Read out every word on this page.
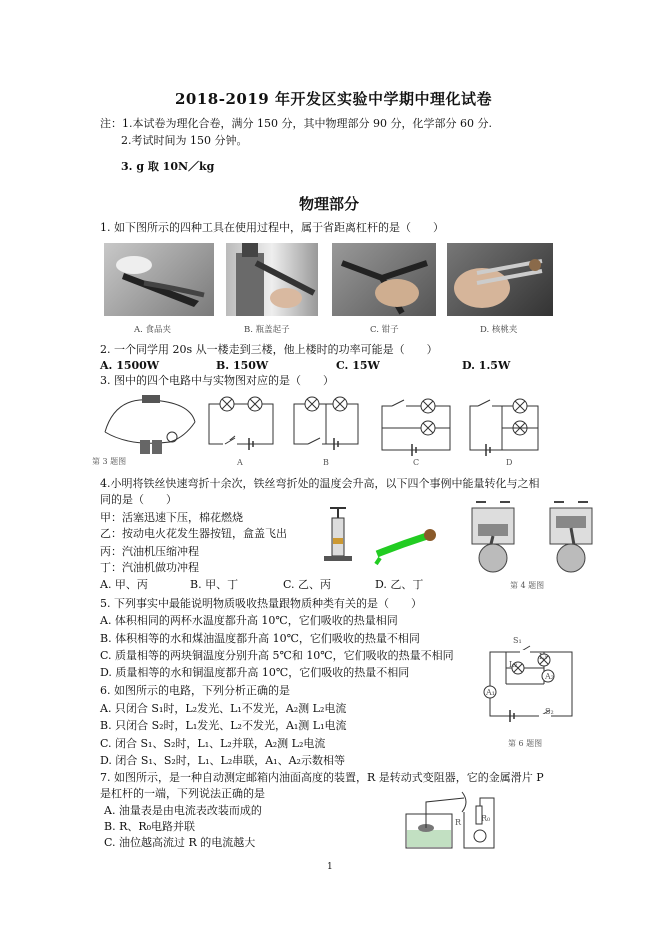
2018-2019 年开发区实验中学期中理化试卷
注：1.本试卷为理化合卷，满分 150 分，其中物理部分 90 分，化学部分 60 分.
2.考试时间为 150 分钟。
3. g 取 10N／kg
物理部分
1. 如下图所示的四种工具在使用过程中，属于省距离杠杆的是（　　）
A. 食品夹	B. 瓶盖起子	C. 钳子	D. 核桃夹
2. 一个同学用 20s 从一楼走到三楼，他上楼时的功率可能是（　　）
A. 1500W	B. 150W	C. 15W	D. 1.5W
3. 图中的四个电路中与实物图对应的是（　　）
第 3 题图	A	B	C	D
4.小明将铁丝快速弯折十余次，铁丝弯折处的温度会升高，以下四个事例中能量转化与之相
同的是（　　）
甲：活塞迅速下压，棉花燃烧
乙：按动电火花发生器按钮，盒盖飞出
丙：汽油机压缩冲程
丁：汽油机做功冲程
A. 甲、丙	B. 甲、丁	C. 乙、丙	D. 乙、丁	第 4 题图
5. 下列事实中最能说明物质吸收热量跟物质种类有关的是（　　）
A. 体积相同的两杯水温度都升高 10℃，它们吸收的热量相同
B. 体积相等的水和煤油温度都升高 10℃，它们吸收的热量不相同
C. 质量相等的两块铜温度分别升高 5℃和 10℃，它们吸收的热量不相同
D. 质量相等的水和铜温度都升高 10℃，它们吸收的热量不相同
6. 如图所示的电路，下列分析正确的是
A. 只闭合 S₁时，L₂发光、L₁不发光，A₂测 L₂电流
B. 只闭合 S₂时，L₁发光、L₂不发光，A₁测 L₁电流
C. 闭合 S₁、S₂时，L₁、L₂并联，A₂测 L₂电流
D. 闭合 S₁、S₂时，L₁、L₂串联，A₁、A₂示数相等
S₁
L₂
L₁
A₂
A₁
S₂
第 6 题图
7. 如图所示，是一种自动测定邮箱内油面高度的装置，R 是转动式变阻器，它的金属滑片 P
是杠杆的一端，下列说法正确的是
A. 油量表是由电流表改装而成的
B. R、R₀电路并联
C. 油位越高流过 R 的电流越大
R₀
R
1
